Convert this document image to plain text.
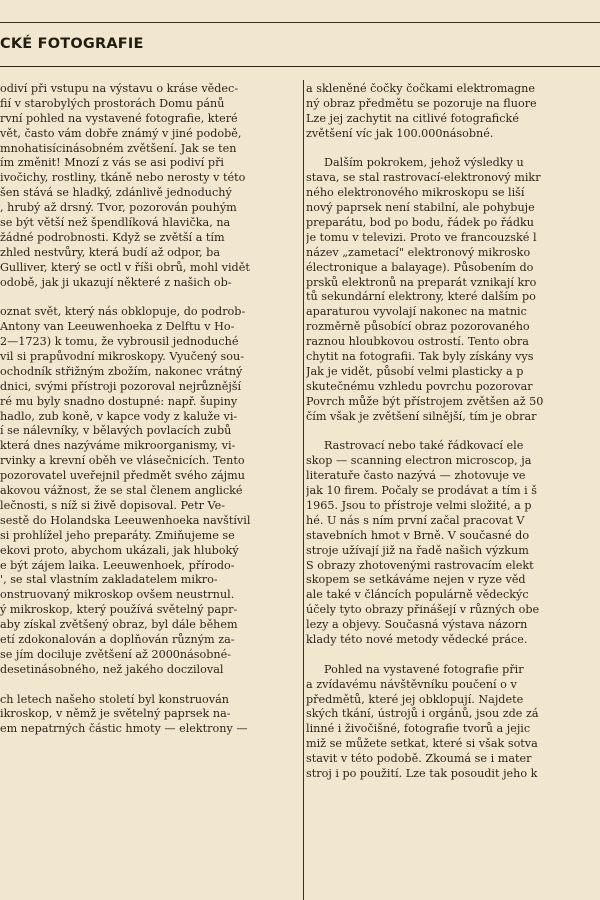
CKÉ FOTOGRAFIE
odiví při vstupu na výstavu o kráse vědec-
fií v starobylých prostorách Domu pánů
rvní pohled na vystavené fotografie, které
vět, často vám dobře známý v jiné podobě,
mnohatisícinásobném zvětšení. Jak se ten
ím změnit! Mnozí z vás se asi podiví při
ivočichy, rostliny, tkáně nebo nerosty v této
šen stává se hladký, zdánlivě jednoduchý
, hrubý až drsný. Tvor, pozorován pouhým
se být větší než špendlíková hlavička, na
žádné podrobnosti. Když se zvětší a tím
zhled nestvůry, která budí až odpor, ba
Gulliver, který se octl v říši obrů, mohl vidět
odobě, jak ji ukazují některé z našich ob-
oznat svět, který nás obklopuje, do podrob-
Antony van Leeuwenhoeka z Delftu v Ho-
2—1723) k tomu, že vybrousil jednoduché
vil si prapůvodní mikroskopy. Vyučený sou-
ochodník střižným zbožím, nakonec vrátný
dnici, svými přístroji pozoroval nejrůznější
ré mu byly snadno dostupné: např. šupiny
hadlo, zub koně, v kapce vody z kaluže vi-
í se nálevníky, v bělavých povlacích zubů
která dnes nazýváme mikroorganismy, vi-
rvinky a krevní oběh ve vlásečnicích. Tento
pozorovatel uveřejnil předmět svého zájmu
akovou vážnost, že se stal členem anglické
lečnosti, s níž si živě dopisoval. Petr Ve-
sestě do Holandska Leeuwenhoeka navštívil
si prohlížel jeho preparáty. Zmiňujeme se
ekovi proto, abychom ukázali, jak hluboký
e být zájem laika. Leeuwenhoek, přírodo-
', se stal vlastním zakladatelem mikro-
onstruovaný mikroskop ovšem neustrnul.
ý mikroskop, který používá světelný papr-
aby získal zvětšený obraz, byl dále během
etí zdokonalován a doplňován různým za-
se jím dociluje zvětšení až 2000násobné-
desetinásobného, než jakého docziloval
ch letech našeho století byl konstruován
ikroskop, v němž je světelný paprsek na-
em nepatrných částic hmoty — elektrony —
a skleněné čočky čočkami elektromagne
ný obraz předmětu se pozoruje na fluore
Lze jej zachytit na citlivé fotografické
zvětšení víc jak 100.000násobné.
Dalším pokrokem, jehož výsledky u
stava, se stal rastrovací-elektronový mikr
ného elektronového mikroskopu se liší
nový paprsek není stabilní, ale pohybuje
preparátu, bod po bodu, řádek po řádku
je tomu v televizi. Proto ve francouzské l
název „zametací" elektronový mikrosko
électronique a balayage). Působením do
prsků elektronů na preparát vznikají kro
tů sekundární elektrony, které dalším po
aparaturou vyvolají nakonec na matnic
rozměrně působící obraz pozorovaného
raznou hloubkovou ostrostí. Tento obra
chytit na fotografii. Tak byly získány vys
Jak je vidět, působí velmi plasticky a p
skutečnému vzhledu povrchu pozorovar
Povrch může být přístrojem zvětšen až 50
čím však je zvětšení silnější, tím je obrar
Rastrovací nebo také řádkovací ele
skop — scanning electron microscop, ja
literatuře často nazývá — zhotovuje ve
jak 10 firem. Počaly se prodávat a tím i š
1965. Jsou to přístroje velmi složité, a p
hé. U nás s ním první začal pracovat V
stavebních hmot v Brně. V současné do
stroje užívají již na řadě našich výzkum
S obrazy zhotovenými rastrovacím elekt
skopem se setkáváme nejen v ryze věd
ale také v článcích populárně vědeckýc
účely tyto obrazy přinášejí v různých obe
lezy a objevy. Současná výstava názorn
klady této nové metody vědecké práce.
Pohled na vystavené fotografie přir
a zvídavému návštěvníku poučení o v
předmětů, které jej obklopují. Najdete
ských tkání, ústrojů i orgánů, jsou zde zá
linné i živočišné, fotografie tvorů a jejic
miž se můžete setkat, které si však sotva
stavit v této podobě. Zkoumá se i mater
stroj i po použití. Lze tak posoudit jeho k
